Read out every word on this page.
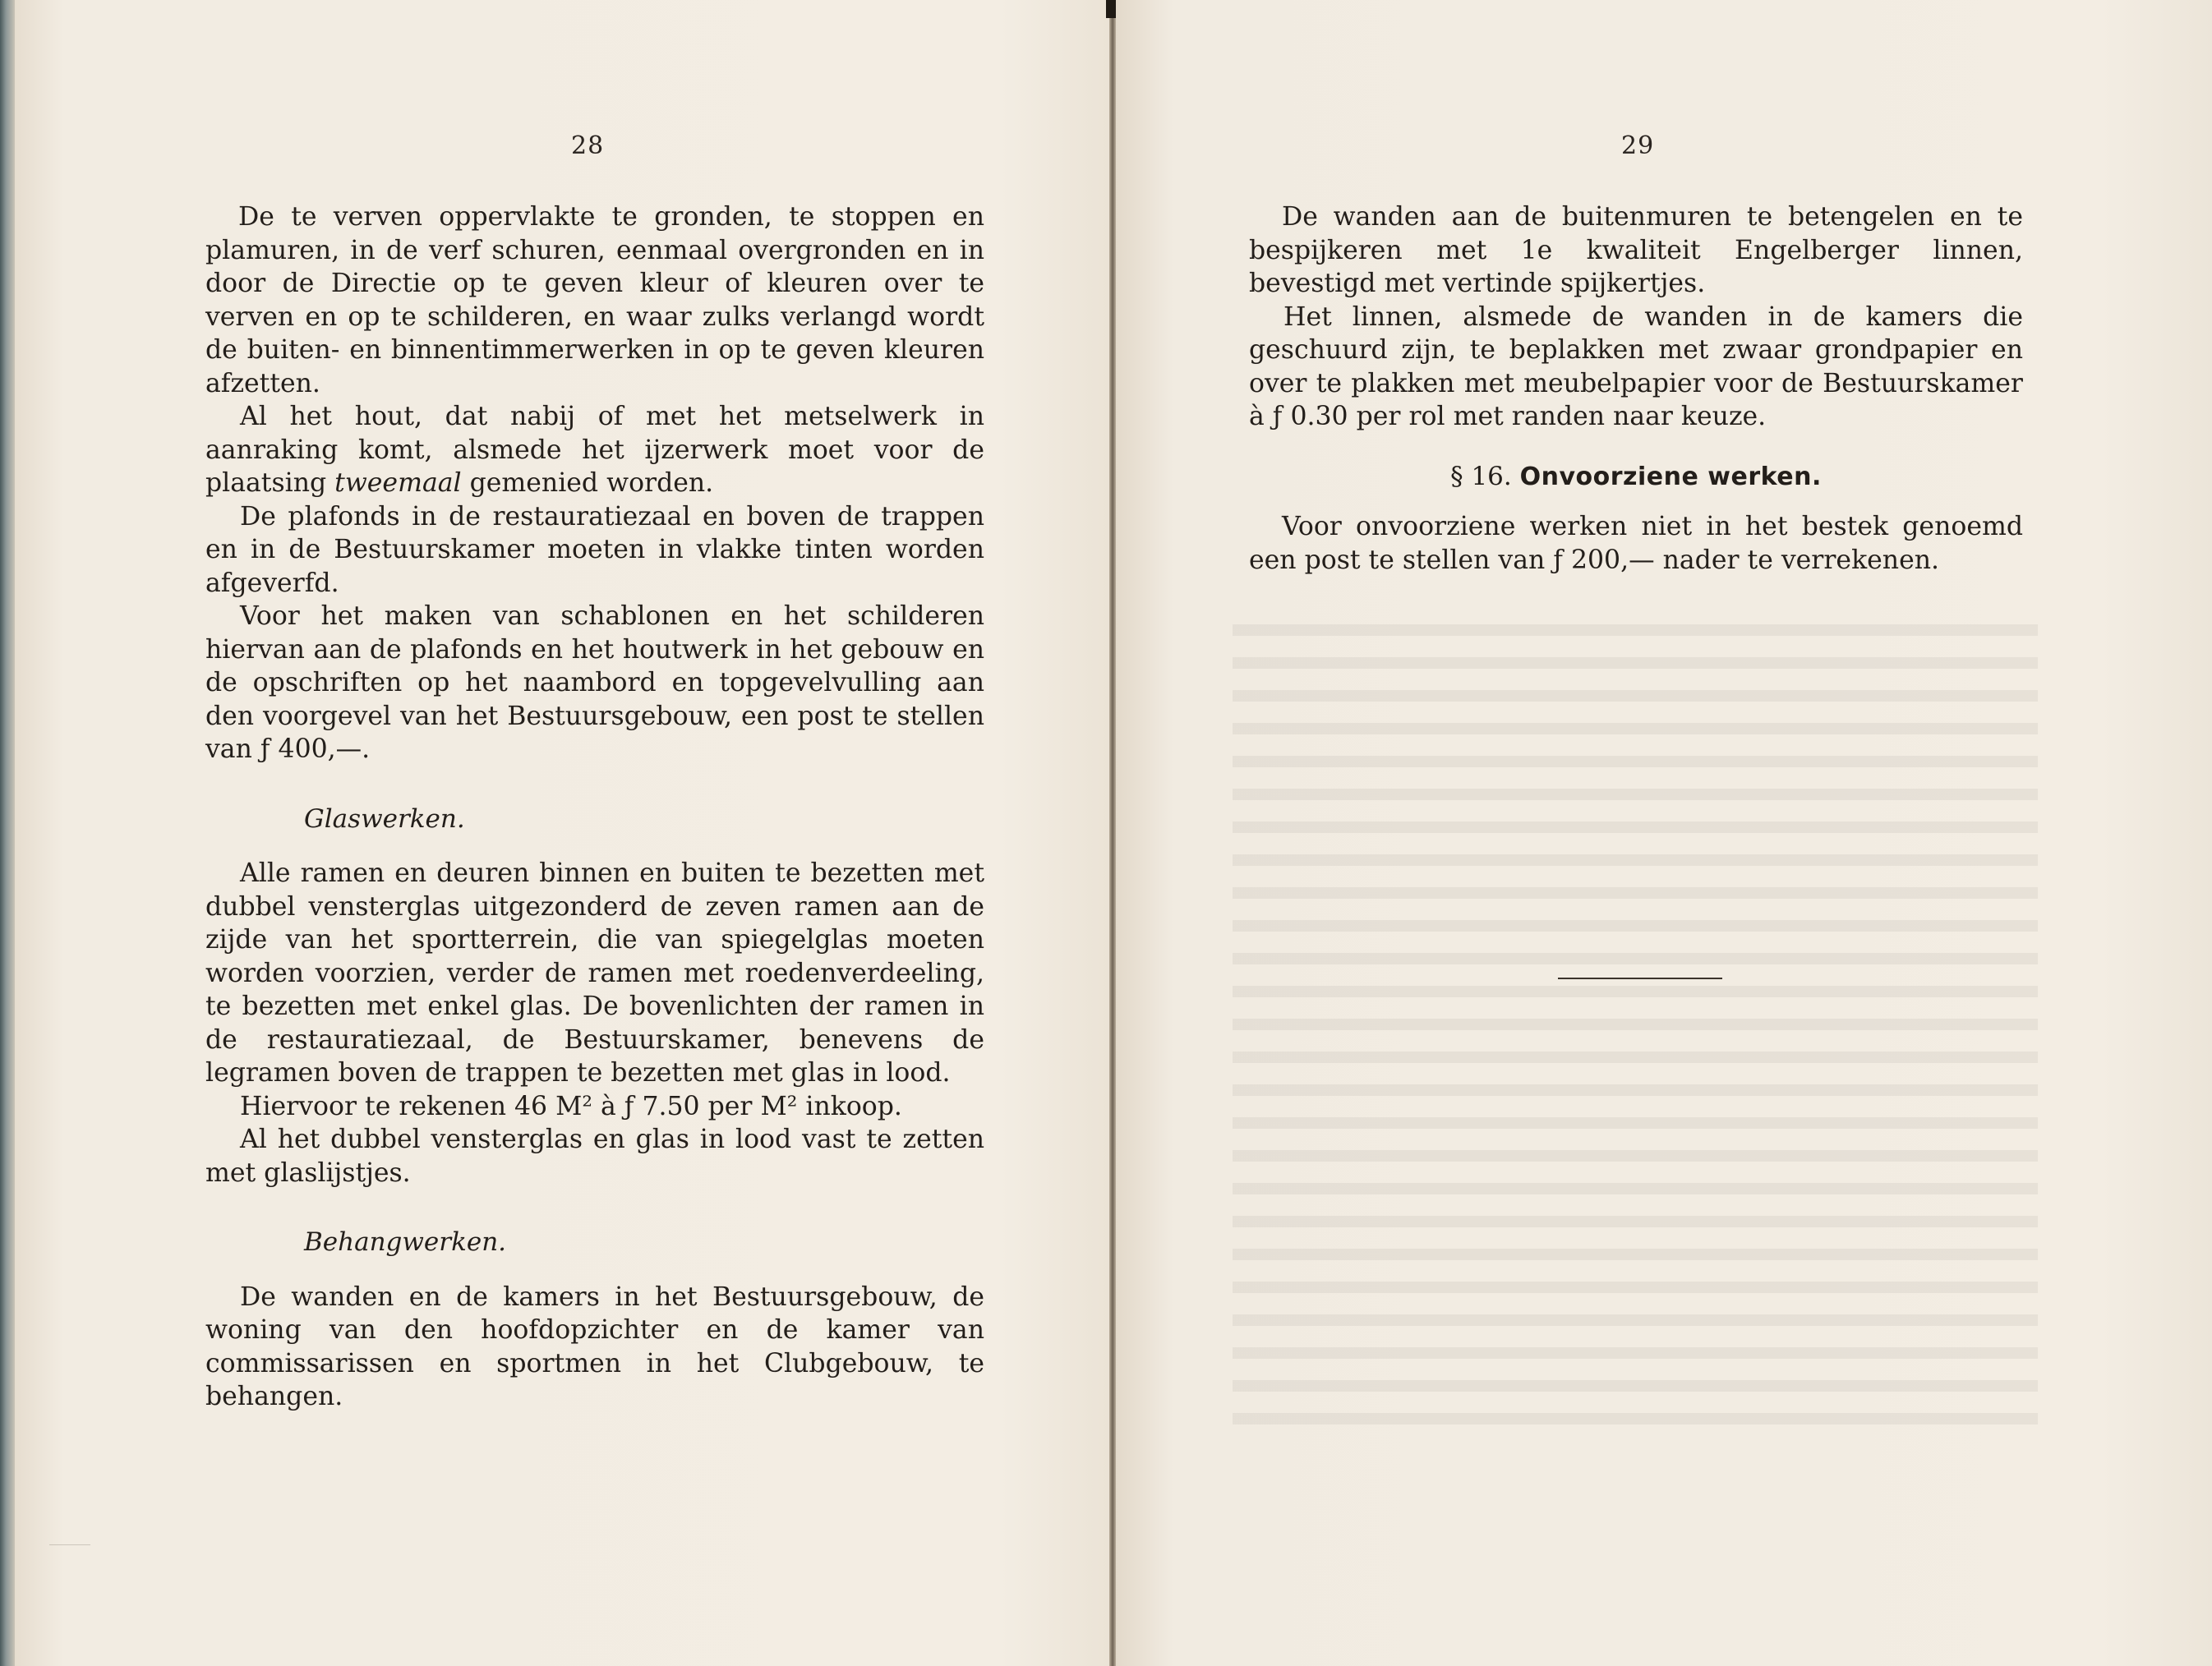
28	29

De te verven oppervlakte te gronden, te stoppen en plamuren, in de verf schuren, eenmaal overgronden en in door de Directie op te geven kleur of kleuren over te verven en op te schilderen, en waar zulks verlangd wordt de buiten- en binnentimmerwerken in op te geven kleuren afzetten.

Al het hout, dat nabij of met het metselwerk in aanraking komt, alsmede het ijzerwerk moet voor de plaatsing tweemaal gemenied worden.

De plafonds in de restauratiezaal en boven de trappen en in de Bestuurskamer moeten in vlakke tinten worden afgeverfd.

Voor het maken van schablonen en het schilderen hiervan aan de plafonds en het houtwerk in het gebouw en de opschriften op het naambord en topgevelvulling aan den voorgevel van het Bestuursgebouw, een post te stellen van ƒ 400,—.

Glaswerken.

Alle ramen en deuren binnen en buiten te bezetten met dubbel vensterglas uitgezonderd de zeven ramen aan de zijde van het sportterrein, die van spiegelglas moeten worden voorzien, verder de ramen met roedenverdeeling, te bezetten met enkel glas. De bovenlichten der ramen in de restauratiezaal, de Bestuurskamer, benevens de legramen boven de trappen te bezetten met glas in lood.

Hiervoor te rekenen 46 M² à ƒ 7.50 per M² inkoop.

Al het dubbel vensterglas en glas in lood vast te zetten met glaslijstjes.

Behangwerken.

De wanden en de kamers in het Bestuursgebouw, de woning van den hoofdopzichter en de kamer van commissarissen en sportmen in het Clubgebouw, te behangen.

De wanden aan de buitenmuren te betengelen en te bespijkeren met 1e kwaliteit Engelberger linnen, bevestigd met vertinde spijkertjes.

Het linnen, alsmede de wanden in de kamers die geschuurd zijn, te beplakken met zwaar grondpapier en over te plakken met meubelpapier voor de Bestuurskamer à ƒ 0.30 per rol met randen naar keuze.

§ 16. Onvoorziene werken.

Voor onvoorziene werken niet in het bestek genoemd een post te stellen van ƒ 200,— nader te verrekenen.
